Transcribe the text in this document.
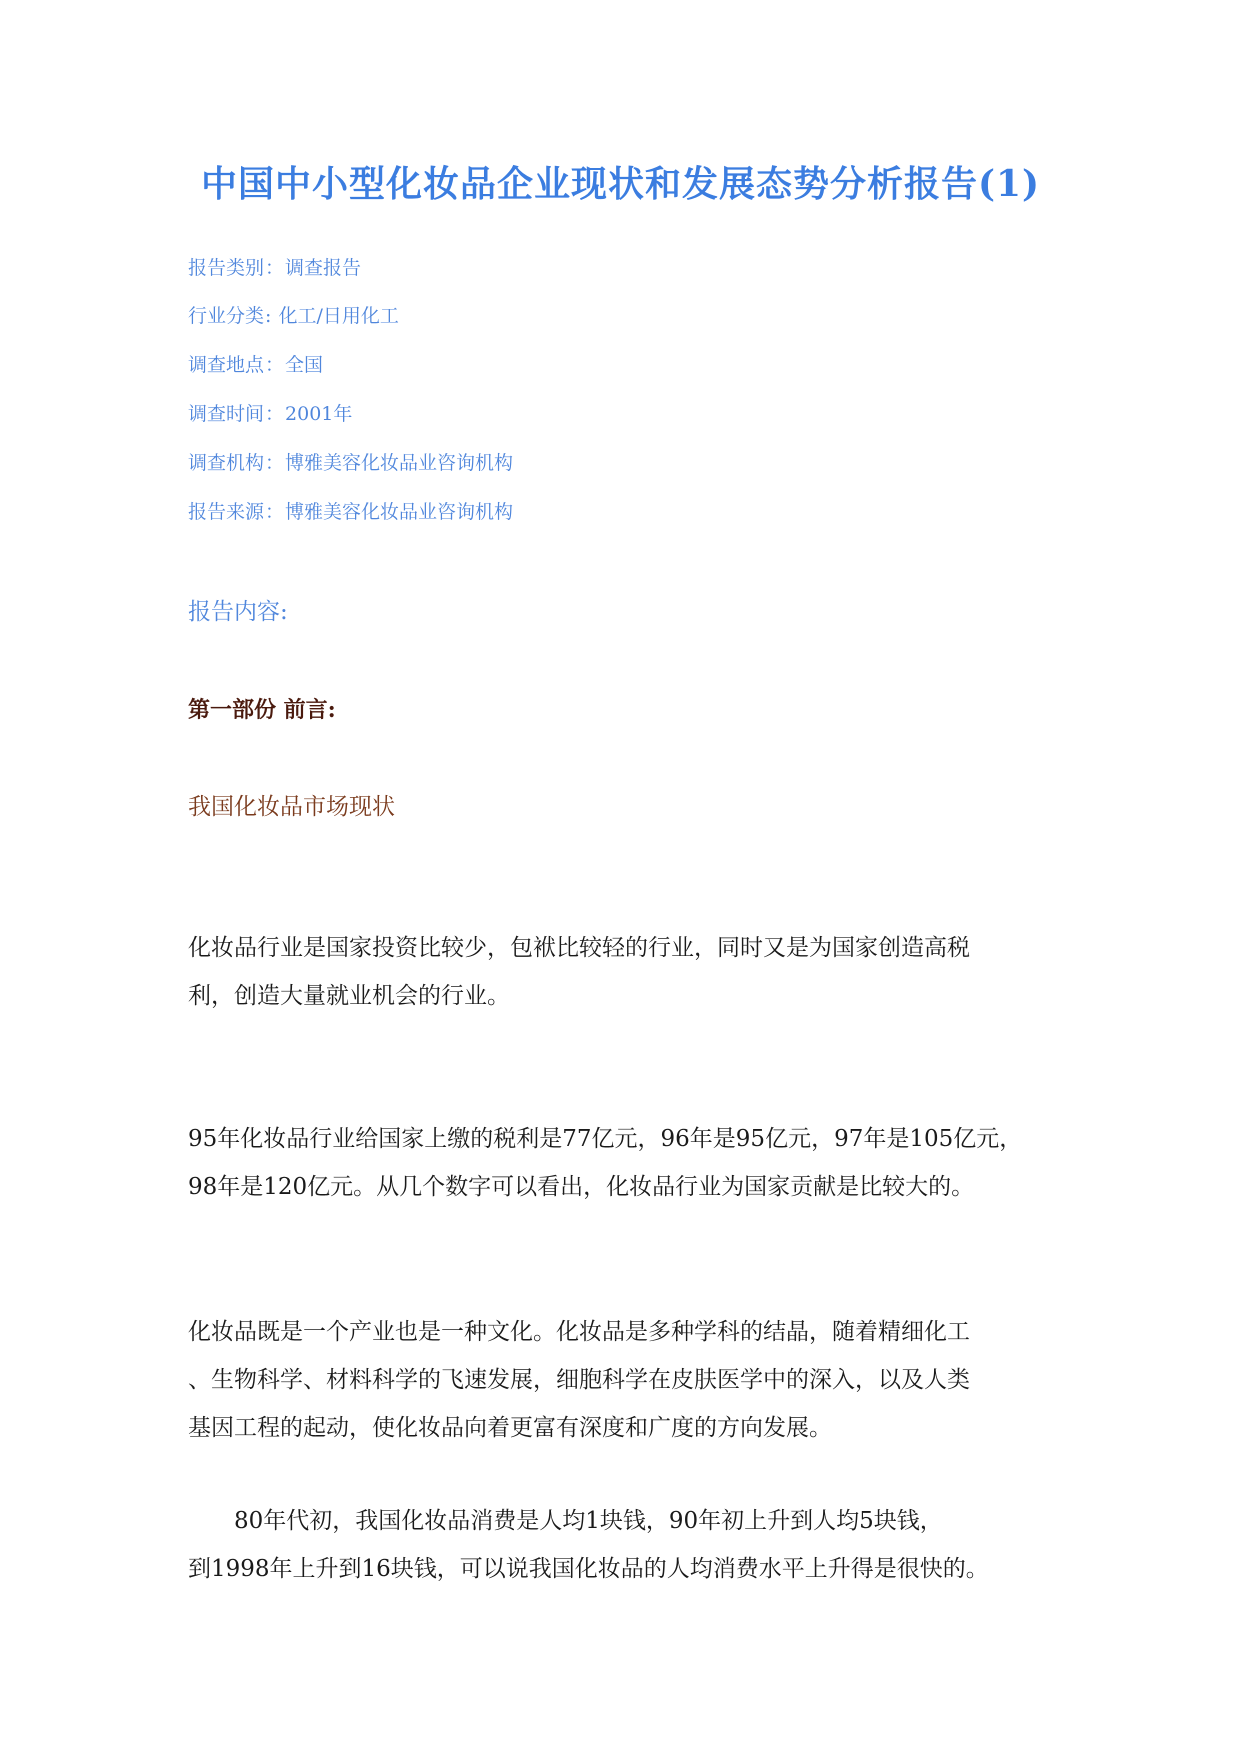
中国中小型化妆品企业现状和发展态势分析报告(1)
报告类别：调查报告
行业分类: 化工/日用化工
调查地点：全国
调查时间：2001年
调查机构：博雅美容化妆品业咨询机构
报告来源：博雅美容化妆品业咨询机构
报告内容:
第一部份 前言:
我国化妆品市场现状
化妆品行业是国家投资比较少，包袱比较轻的行业，同时又是为国家创造高税
利，创造大量就业机会的行业。
95年化妆品行业给国家上缴的税利是77亿元，96年是95亿元，97年是105亿元，
98年是120亿元。从几个数字可以看出，化妆品行业为国家贡献是比较大的。
化妆品既是一个产业也是一种文化。化妆品是多种学科的结晶，随着精细化工
、生物科学、材料科学的飞速发展，细胞科学在皮肤医学中的深入，以及人类
基因工程的起动，使化妆品向着更富有深度和广度的方向发展。
80年代初，我国化妆品消费是人均1块钱，90年初上升到人均5块钱，
到1998年上升到16块钱，可以说我国化妆品的人均消费水平上升得是很快的。
